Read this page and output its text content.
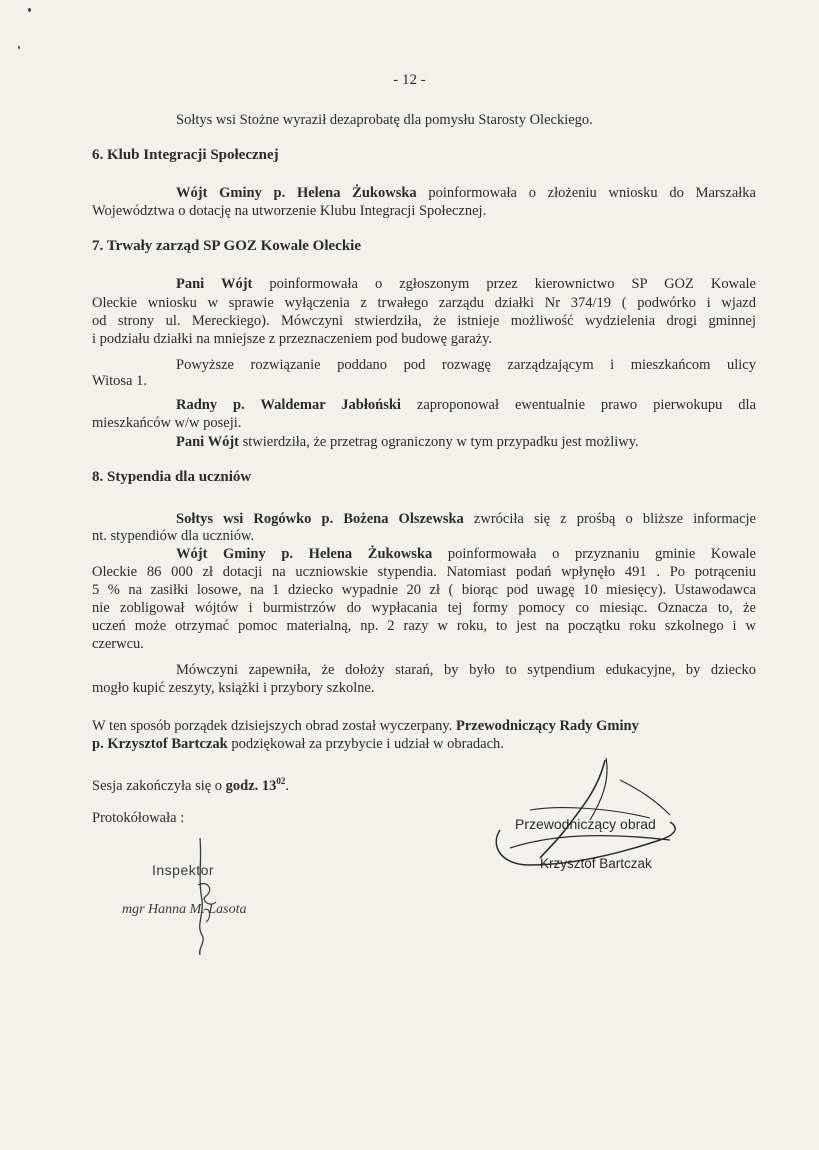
- 12 -
Sołtys wsi Stożne wyraził dezaprobatę dla pomysłu Starosty Oleckiego.
6. Klub Integracji Społecznej
Wójt Gminy p. Helena Żukowska poinformowała o złożeniu wniosku do Marszałka
Województwa o dotację na utworzenie Klubu Integracji Społecznej.
7. Trwały zarząd SP GOZ Kowale Oleckie
Pani Wójt poinformowała o zgłoszonym przez kierownictwo SP GOZ Kowale
Oleckie wniosku w sprawie wyłączenia z trwałego zarządu działki Nr 374/19 ( podwórko i wjazd
od strony ul. Mereckiego). Mówczyni stwierdziła, że istnieje możliwość wydzielenia drogi gminnej
i podziału działki na mniejsze z przeznaczeniem pod budowę garaży.
Powyższe rozwiązanie poddano pod rozwagę zarządzającym i mieszkańcom ulicy
Witosa 1.
Radny p. Waldemar Jabłoński zaproponował ewentualnie prawo pierwokupu dla
mieszkańców w/w poseji.
Pani Wójt stwierdziła, że przetrag ograniczony w tym przypadku jest możliwy.
8. Stypendia dla uczniów
Sołtys wsi Rogówko p. Bożena Olszewska zwróciła się z prośbą o bliższe informacje
nt. stypendiów dla uczniów.
Wójt Gminy p. Helena Żukowska poinformowała o przyznaniu gminie Kowale
Oleckie 86 000 zł dotacji na uczniowskie stypendia. Natomiast podań wpłynęło 491 . Po potrąceniu
5 % na zasiłki losowe, na 1 dziecko wypadnie 20 zł ( biorąc pod uwagę 10 miesięcy). Ustawodawca
nie zobligował wójtów i burmistrzów do wypłacania tej formy pomocy co miesiąc. Oznacza to, że
uczeń może otrzymać pomoc materialną, np. 2 razy w roku, to jest na początku roku szkolnego i w
czerwcu.
Mówczyni zapewniła, że dołoży starań, by było to sytpendium edukacyjne, by dziecko
mogło kupić zeszyty, książki i przybory szkolne.
W ten sposób porządek dzisiejszych obrad został wyczerpany. Przewodniczący Rady Gminy
p. Krzysztof Bartczak podziękował za przybycie i udział w obradach.
Sesja zakończyła się o godz. $13^{02}$.
Protokółowała :
Inspektor
mgr Hanna M. Lasota
Przewodniczący obrad
Krzysztof Bartczak
